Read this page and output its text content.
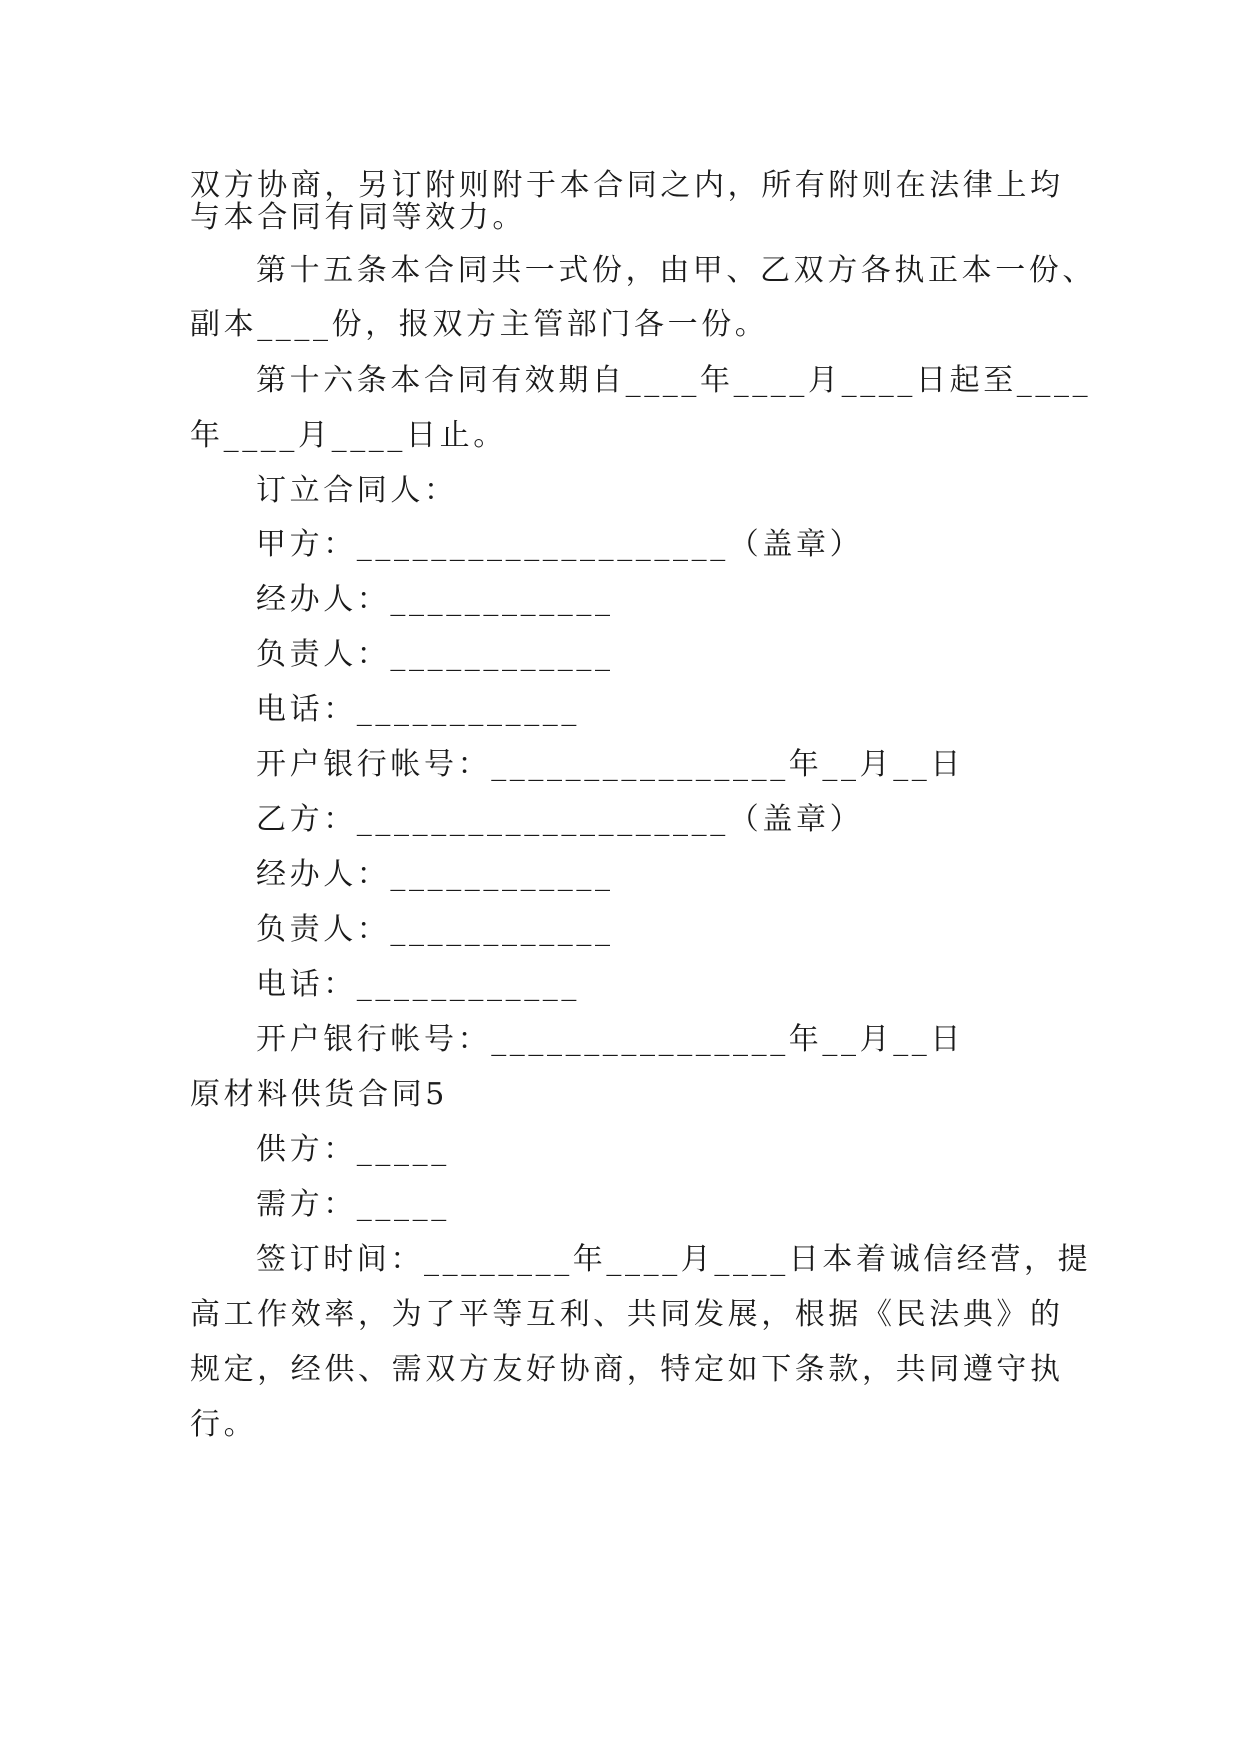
双方协商，另订附则附于本合同之内，所有附则在法律上均
与本合同有同等效力。
第十五条本合同共一式份，由甲、乙双方各执正本一份、
副本____份，报双方主管部门各一份。
第十六条本合同有效期自____年____月____日起至____
年____月____日止。
订立合同人：
甲方：____________________（盖章）
经办人：____________
负责人：____________
电话：____________
开户银行帐号：________________年__月__日
乙方：____________________（盖章）
经办人：____________
负责人：____________
电话：____________
开户银行帐号：________________年__月__日
原材料供货合同5
供方：_____
需方：_____
签订时间：________年____月____日本着诚信经营，提
高工作效率，为了平等互利、共同发展，根据《民法典》的
规定，经供、需双方友好协商，特定如下条款，共同遵守执
行。
